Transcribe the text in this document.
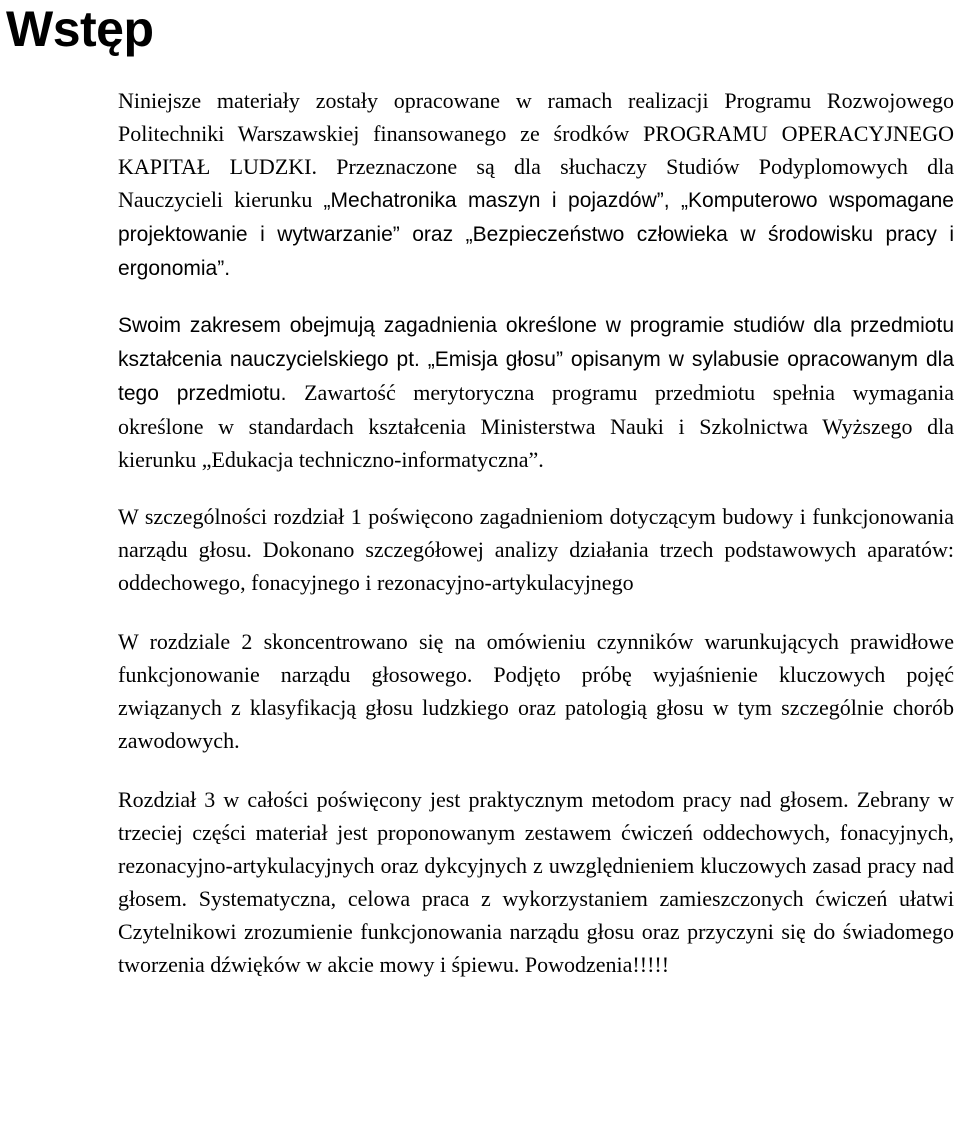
Wstęp

Niniejsze materiały zostały opracowane w ramach realizacji Programu Rozwojowego Politechniki Warszawskiej finansowanego ze środków PROGRAMU OPERACYJNEGO KAPITAŁ LUDZKI. Przeznaczone są dla słuchaczy Studiów Podyplomowych dla Nauczycieli kierunku „Mechatronika maszyn i pojazdów”, „Komputerowo wspomagane projektowanie i wytwarzanie” oraz „Bezpieczeństwo człowieka w środowisku pracy i ergonomia”.

Swoim zakresem obejmują zagadnienia określone w programie studiów dla przedmiotu kształcenia nauczycielskiego pt. „Emisja głosu” opisanym w sylabusie opracowanym dla tego przedmiotu. Zawartość merytoryczna programu przedmiotu spełnia wymagania określone w standardach kształcenia Ministerstwa Nauki i Szkolnictwa Wyższego dla kierunku „Edukacja techniczno-informatyczna”.

W szczególności rozdział 1 poświęcono zagadnieniom dotyczącym budowy i funkcjonowania narządu głosu. Dokonano szczegółowej analizy działania trzech podstawowych aparatów: oddechowego, fonacyjnego i rezonacyjno-artykulacyjnego

W rozdziale 2 skoncentrowano się na omówieniu czynników warunkujących prawidłowe funkcjonowanie narządu głosowego. Podjęto próbę wyjaśnienie kluczowych pojęć związanych z klasyfikacją głosu ludzkiego oraz patologią głosu w tym szczególnie chorób zawodowych.

Rozdział 3 w całości poświęcony jest praktycznym metodom pracy nad głosem. Zebrany w trzeciej części materiał jest proponowanym zestawem ćwiczeń oddechowych, fonacyjnych, rezonacyjno-artykulacyjnych oraz dykcyjnych z uwzględnieniem kluczowych zasad pracy nad głosem. Systematyczna, celowa praca z wykorzystaniem zamieszczonych ćwiczeń ułatwi Czytelnikowi zrozumienie funkcjonowania narządu głosu oraz przyczyni się do świadomego tworzenia dźwięków w akcie mowy i śpiewu. Powodzenia!!!!!
